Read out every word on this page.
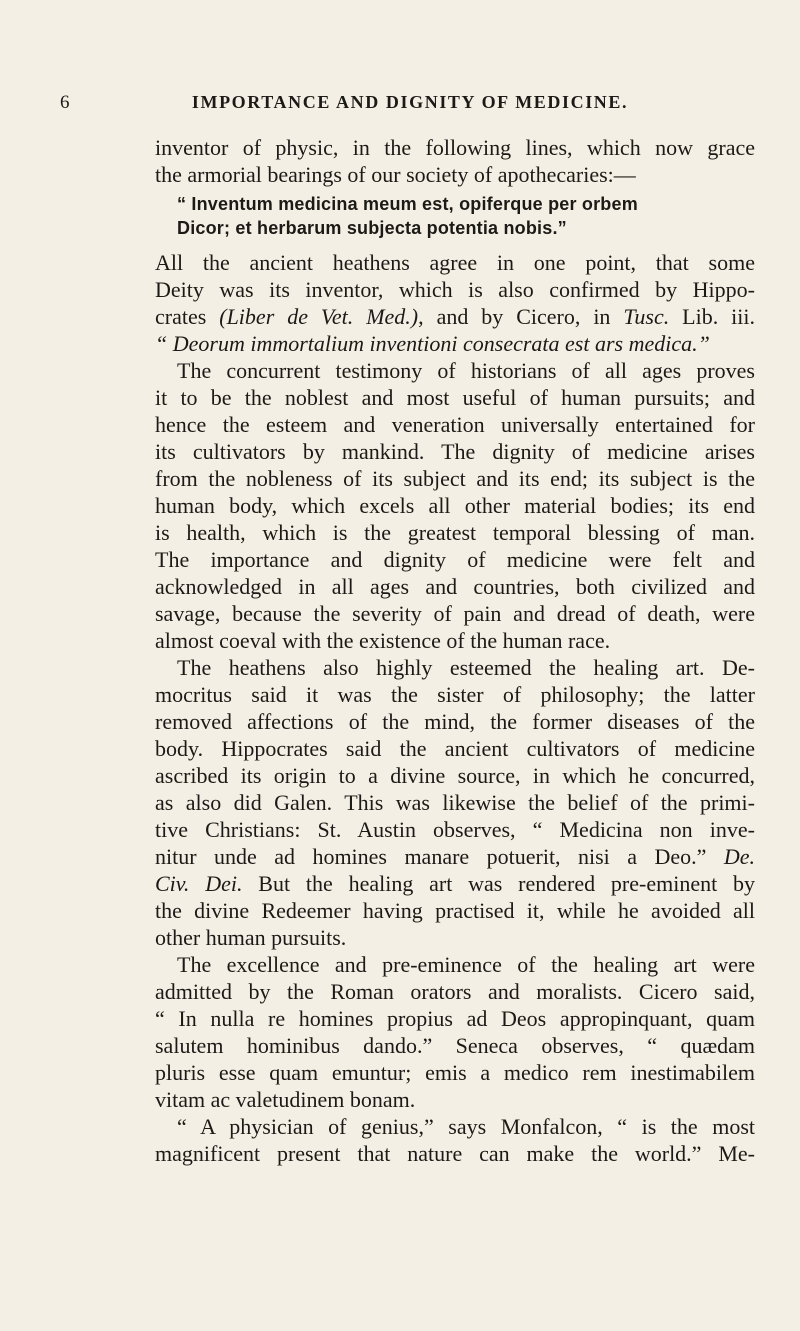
6	IMPORTANCE AND DIGNITY OF MEDICINE.
inventor of physic, in the following lines, which now grace
the armorial bearings of our society of apothecaries:—
“ Inventum medicina meum est, opiferque per orbem
Dicor; et herbarum subjecta potentia nobis.”
All the ancient heathens agree in one point, that some
Deity was its inventor, which is also confirmed by Hippo-
crates (Liber de Vet. Med.), and by Cicero, in Tusc. Lib. iii.
“ Deorum immortalium inventioni consecrata est ars medica.”
The concurrent testimony of historians of all ages proves
it to be the noblest and most useful of human pursuits; and
hence the esteem and veneration universally entertained for
its cultivators by mankind. The dignity of medicine arises
from the nobleness of its subject and its end; its subject is the
human body, which excels all other material bodies; its end
is health, which is the greatest temporal blessing of man.
The importance and dignity of medicine were felt and
acknowledged in all ages and countries, both civilized and
savage, because the severity of pain and dread of death, were
almost coeval with the existence of the human race.
The heathens also highly esteemed the healing art. De-
mocritus said it was the sister of philosophy; the latter
removed affections of the mind, the former diseases of the
body. Hippocrates said the ancient cultivators of medicine
ascribed its origin to a divine source, in which he concurred,
as also did Galen. This was likewise the belief of the primi-
tive Christians: St. Austin observes, “ Medicina non inve-
nitur unde ad homines manare potuerit, nisi a Deo.” De.
Civ. Dei. But the healing art was rendered pre-eminent by
the divine Redeemer having practised it, while he avoided all
other human pursuits.
The excellence and pre-eminence of the healing art were
admitted by the Roman orators and moralists. Cicero said,
“ In nulla re homines propius ad Deos appropinquant, quam
salutem hominibus dando.” Seneca observes, “ quædam
pluris esse quam emuntur; emis a medico rem inestimabilem
vitam ac valetudinem bonam.
“ A physician of genius,” says Monfalcon, “ is the most
magnificent present that nature can make the world.” Me-
